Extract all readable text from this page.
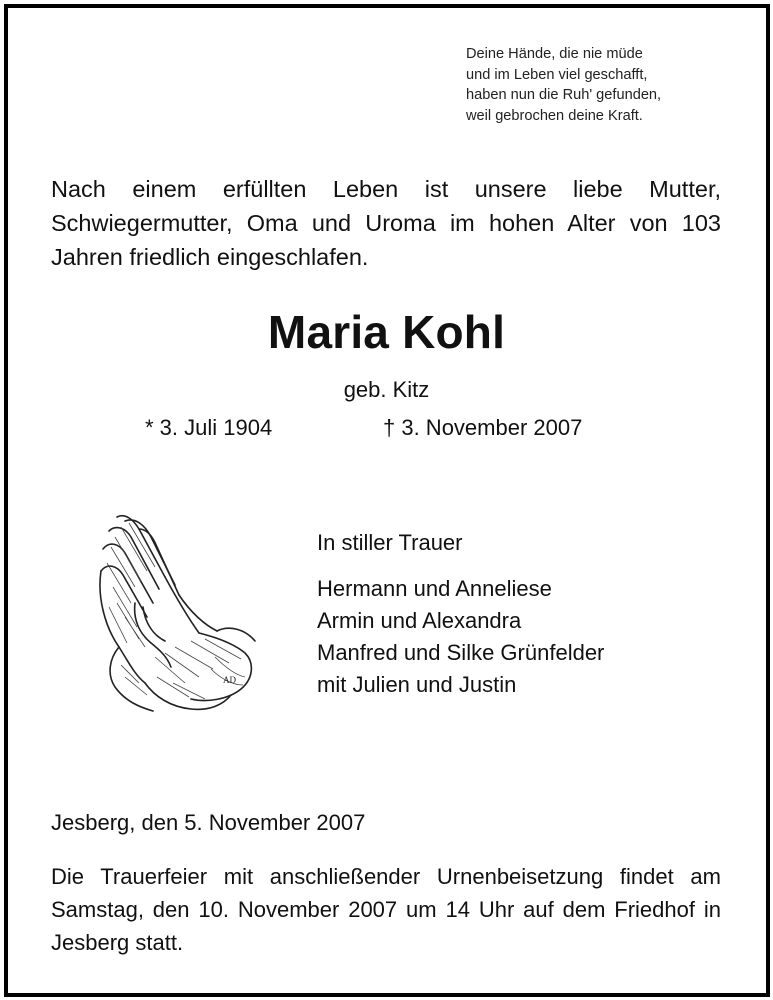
Deine Hände, die nie müde
und im Leben viel geschafft,
haben nun die Ruh' gefunden,
weil gebrochen deine Kraft.
Nach einem erfüllten Leben ist unsere liebe Mutter, Schwiegermutter, Oma und Uroma im hohen Alter von 103 Jahren friedlich eingeschlafen.
Maria Kohl
geb. Kitz
* 3. Juli 1904	† 3. November 2007
AD
In stiller Trauer
Hermann und Anneliese
Armin und Alexandra
Manfred und Silke Grünfelder
mit Julien und Justin
Jesberg, den 5. November 2007
Die Trauerfeier mit anschließender Urnenbeisetzung findet am Samstag, den 10. November 2007 um 14 Uhr auf dem Friedhof in Jesberg statt.
